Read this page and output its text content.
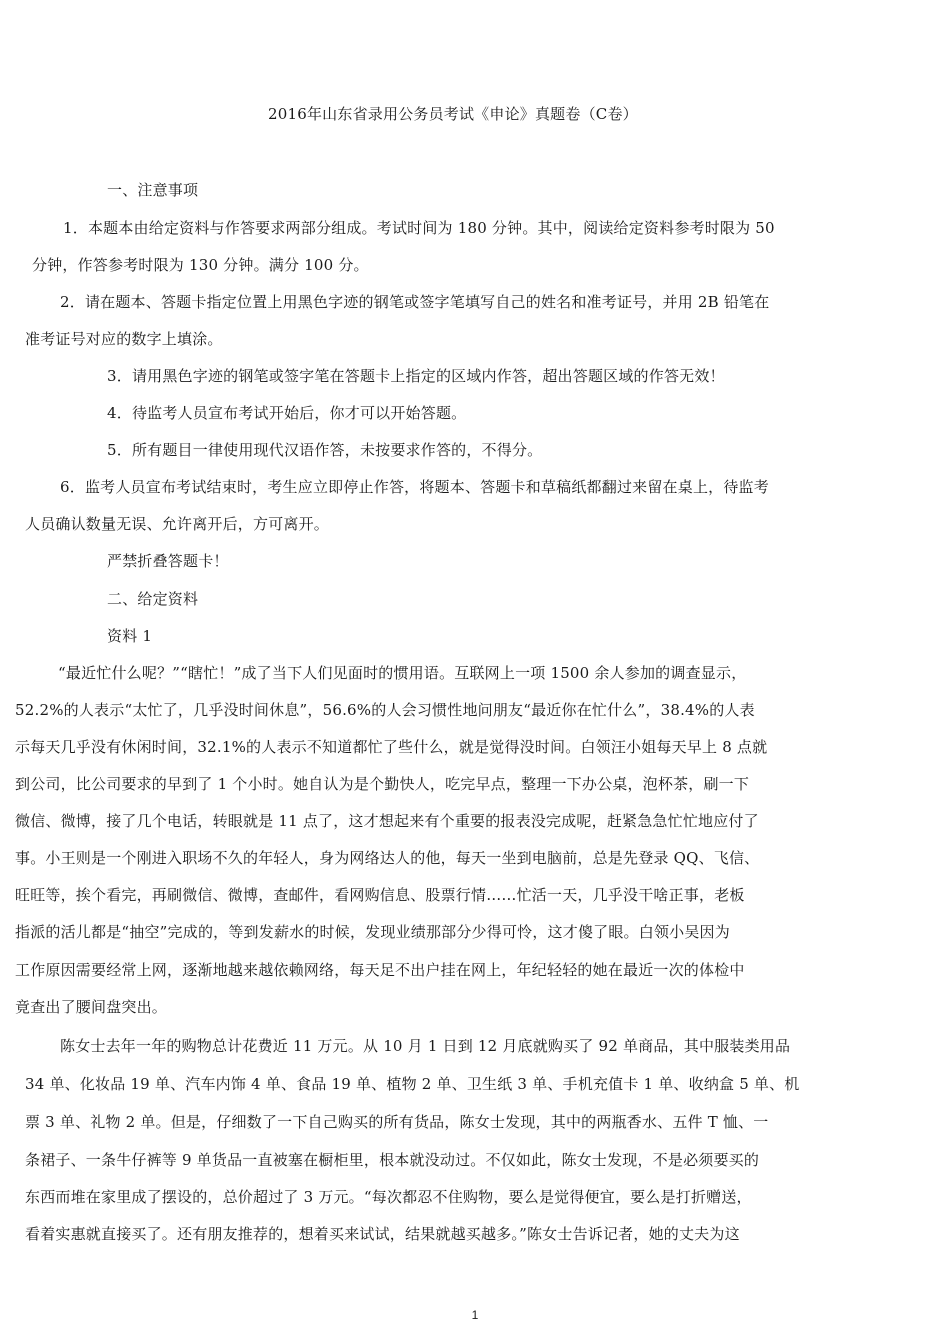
2016年山东省录用公务员考试《申论》真题卷（C卷）

一、注意事项

1．本题本由给定资料与作答要求两部分组成。考试时间为 180 分钟。其中，阅读给定资料参考时限为 50

分钟，作答参考时限为 130 分钟。满分 100 分。

2．请在题本、答题卡指定位置上用黑色字迹的钢笔或签字笔填写自己的姓名和准考证号，并用 2B 铅笔在

准考证号对应的数字上填涂。

3．请用黑色字迹的钢笔或签字笔在答题卡上指定的区域内作答，超出答题区域的作答无效！

4．待监考人员宣布考试开始后，你才可以开始答题。

5．所有题目一律使用现代汉语作答，未按要求作答的，不得分。

6．监考人员宣布考试结束时，考生应立即停止作答，将题本、答题卡和草稿纸都翻过来留在桌上，待监考

人员确认数量无误、允许离开后，方可离开。

严禁折叠答题卡！

二、给定资料

资料 1

“最近忙什么呢？”“瞎忙！”成了当下人们见面时的惯用语。互联网上一项 1500 余人参加的调查显示，

52.2%的人表示“太忙了，几乎没时间休息”，56.6%的人会习惯性地问朋友“最近你在忙什么”，38.4%的人表

示每天几乎没有休闲时间，32.1%的人表示不知道都忙了些什么，就是觉得没时间。白领汪小姐每天早上 8 点就

到公司，比公司要求的早到了 1 个小时。她自认为是个勤快人，吃完早点，整理一下办公桌，泡杯茶，刷一下

微信、微博，接了几个电话，转眼就是 11 点了，这才想起来有个重要的报表没完成呢，赶紧急急忙忙地应付了

事。小王则是一个刚进入职场不久的年轻人，身为网络达人的他，每天一坐到电脑前，总是先登录 QQ、飞信、

旺旺等，挨个看完，再刷微信、微博，查邮件，看网购信息、股票行情……忙活一天，几乎没干啥正事，老板

指派的活儿都是“抽空”完成的，等到发薪水的时候，发现业绩那部分少得可怜，这才傻了眼。白领小吴因为

工作原因需要经常上网，逐渐地越来越依赖网络，每天足不出户挂在网上，年纪轻轻的她在最近一次的体检中

竟查出了腰间盘突出。

陈女士去年一年的购物总计花费近 11 万元。从 10 月 1 日到 12 月底就购买了 92 单商品，其中服装类用品

34 单、化妆品 19 单、汽车内饰 4 单、食品 19 单、植物 2 单、卫生纸 3 单、手机充值卡 1 单、收纳盒 5 单、机

票 3 单、礼物 2 单。但是，仔细数了一下自己购买的所有货品，陈女士发现，其中的两瓶香水、五件 T 恤、一

条裙子、一条牛仔裤等 9 单货品一直被塞在橱柜里，根本就没动过。不仅如此，陈女士发现，不是必须要买的

东西而堆在家里成了摆设的，总价超过了 3 万元。“每次都忍不住购物，要么是觉得便宜，要么是打折赠送，

看着实惠就直接买了。还有朋友推荐的，想着买来试试，结果就越买越多。”陈女士告诉记者，她的丈夫为这

1
